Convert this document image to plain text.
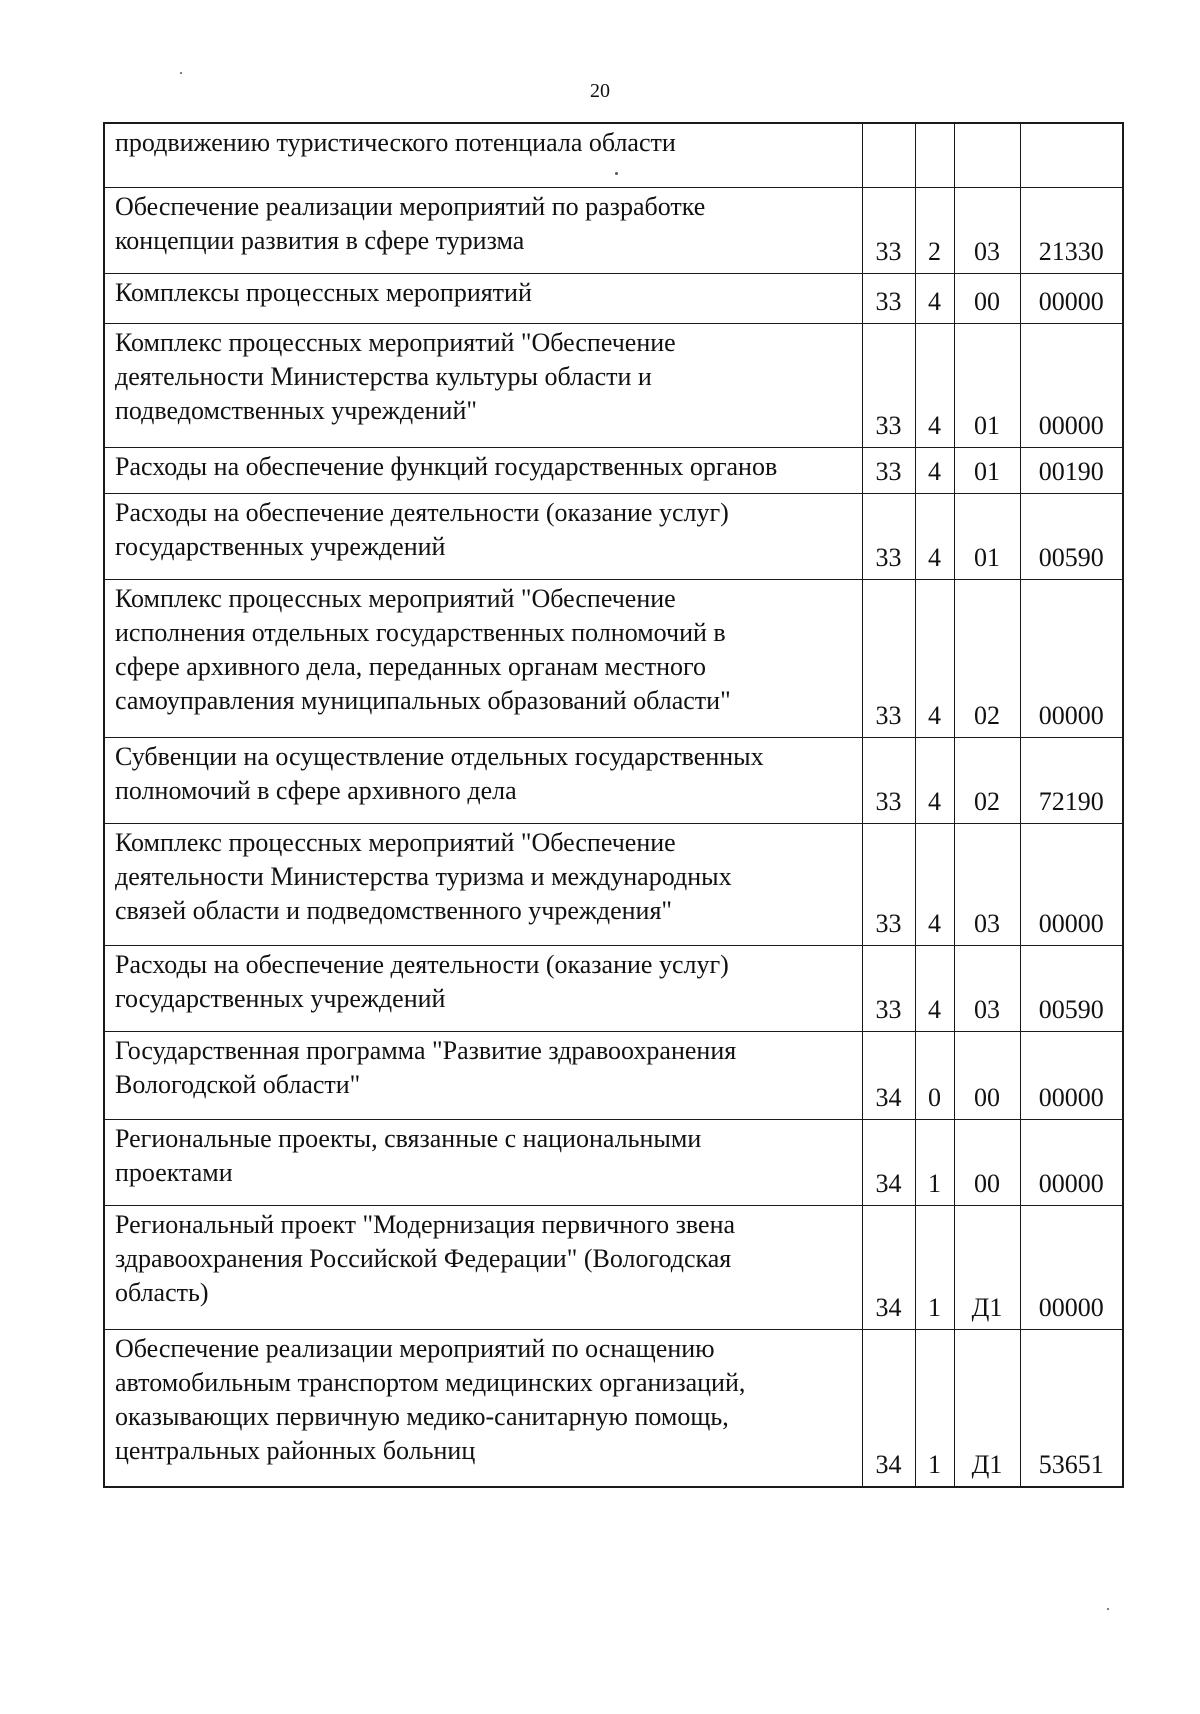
20
продвижению туристического потенциала области				
Обеспечение реализации мероприятий по разработке
концепции развития в сфере туризма	33	2	03	21330
Комплексы процессных мероприятий	33	4	00	00000
Комплекс процессных мероприятий "Обеспечение
деятельности Министерства культуры области и
подведомственных учреждений"	33	4	01	00000
Расходы на обеспечение функций государственных органов	33	4	01	00190
Расходы на обеспечение деятельности (оказание услуг)
государственных учреждений	33	4	01	00590
Комплекс процессных мероприятий "Обеспечение
исполнения отдельных государственных полномочий в
сфере архивного дела, переданных органам местного
самоуправления муниципальных образований области"	33	4	02	00000
Субвенции на осуществление отдельных государственных
полномочий в сфере архивного дела	33	4	02	72190
Комплекс процессных мероприятий "Обеспечение
деятельности Министерства туризма и международных
связей области и подведомственного учреждения"	33	4	03	00000
Расходы на обеспечение деятельности (оказание услуг)
государственных учреждений	33	4	03	00590
Государственная программа "Развитие здравоохранения
Вологодской области"	34	0	00	00000
Региональные проекты, связанные с национальными
проектами	34	1	00	00000
Региональный проект "Модернизация первичного звена
здравоохранения Российской Федерации" (Вологодская
область)	34	1	Д1	00000
Обеспечение реализации мероприятий по оснащению
автомобильным транспортом медицинских организаций,
оказывающих первичную медико-санитарную помощь,
центральных районных больниц	34	1	Д1	53651
